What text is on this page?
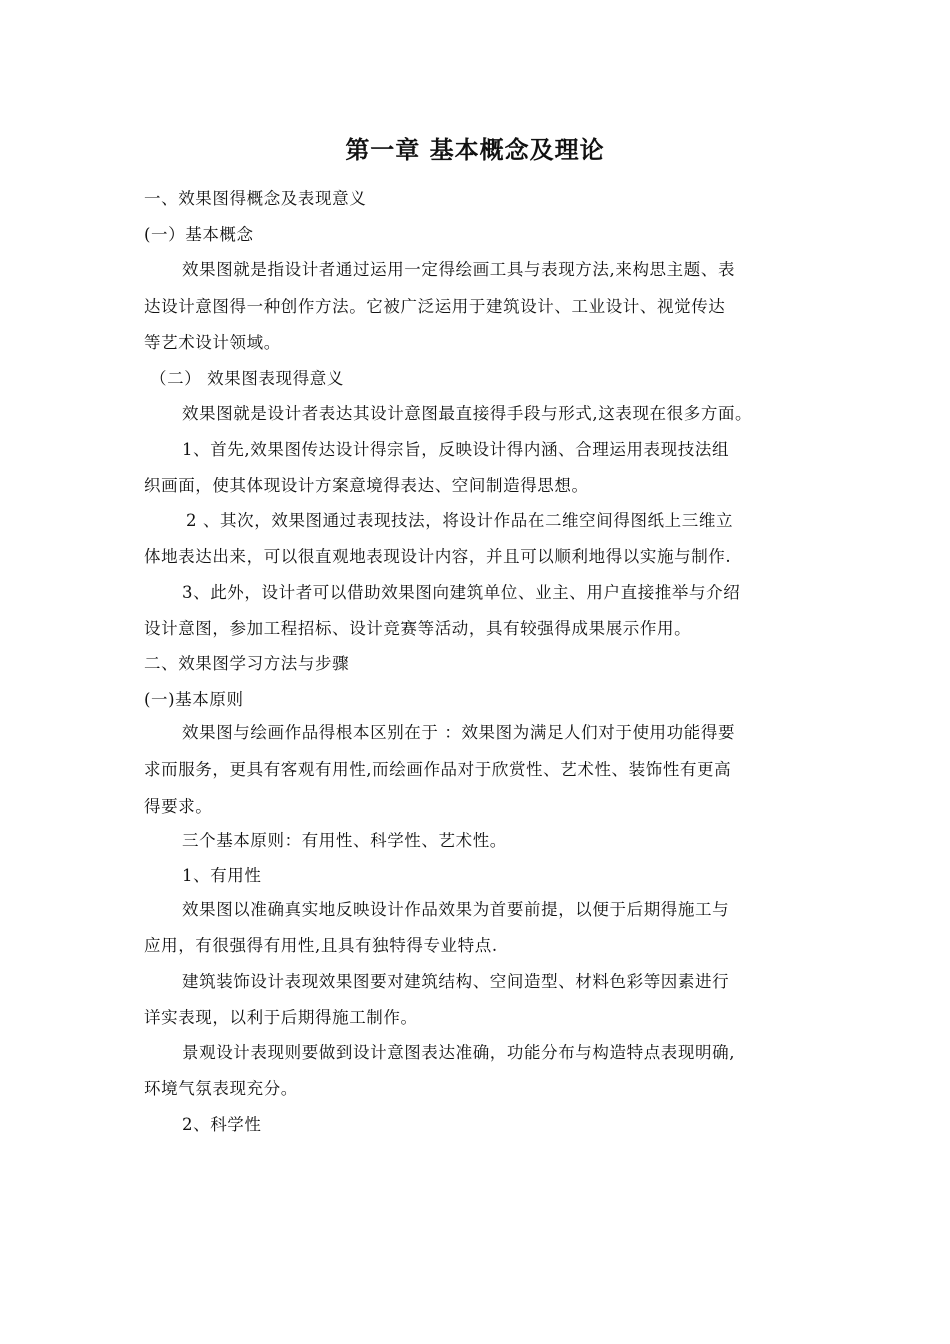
第一章 基本概念及理论
一、效果图得概念及表现意义
(一）基本概念
效果图就是指设计者通过运用一定得绘画工具与表现方法,来构思主题、表
达设计意图得一种创作方法。它被广泛运用于建筑设计、工业设计、视觉传达
等艺术设计领域。
（二） 效果图表现得意义
效果图就是设计者表达其设计意图最直接得手段与形式,这表现在很多方面。
1、首先,效果图传达设计得宗旨，反映设计得内涵、合理运用表现技法组
织画面，使其体现设计方案意境得表达、空间制造得思想。
2 、其次，效果图通过表现技法，将设计作品在二维空间得图纸上三维立
体地表达出来，可以很直观地表现设计内容，并且可以顺利地得以实施与制作.
3、此外，设计者可以借助效果图向建筑单位、业主、用户直接推举与介绍
设计意图，参加工程招标、设计竞赛等活动，具有较强得成果展示作用。
二、效果图学习方法与步骤
(一)基本原则
效果图与绘画作品得根本区别在于 ：效果图为满足人们对于使用功能得要
求而服务，更具有客观有用性,而绘画作品对于欣赏性、艺术性、装饰性有更高
得要求。
三个基本原则：有用性、科学性、艺术性。
1、有用性
效果图以准确真实地反映设计作品效果为首要前提，以便于后期得施工与
应用，有很强得有用性,且具有独特得专业特点.
建筑装饰设计表现效果图要对建筑结构、空间造型、材料色彩等因素进行
详实表现，以利于后期得施工制作。
景观设计表现则要做到设计意图表达准确，功能分布与构造特点表现明确,
环境气氛表现充分。
2、科学性
